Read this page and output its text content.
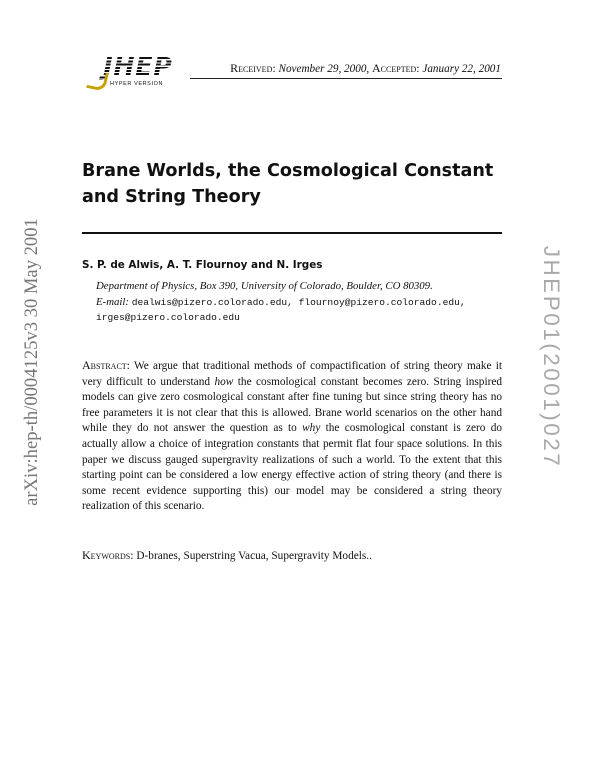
JHEP
HYPER VERSION
Received: November 29, 2000, Accepted: January 22, 2001
Brane Worlds, the Cosmological Constant and String Theory
S. P. de Alwis, A. T. Flournoy and N. Irges
Department of Physics, Box 390, University of Colorado, Boulder, CO 80309.
E-mail: dealwis@pizero.colorado.edu, flournoy@pizero.colorado.edu,
irges@pizero.colorado.edu
Abstract: We argue that traditional methods of compactification of string theory make it very difficult to understand how the cosmological constant becomes zero. String inspired models can give zero cosmological constant after fine tuning but since string theory has no free parameters it is not clear that this is allowed. Brane world scenarios on the other hand while they do not answer the question as to why the cosmological constant is zero do actually allow a choice of integration constants that permit flat four space solutions. In this paper we discuss gauged supergravity realizations of such a world. To the extent that this starting point can be considered a low energy effective action of string theory (and there is some recent evidence supporting this) our model may be considered a string theory realization of this scenario.
Keywords: D-branes, Superstring Vacua, Supergravity Models..
arXiv:hep-th/0004125v3 30 May 2001	JHEP01(2001)027
